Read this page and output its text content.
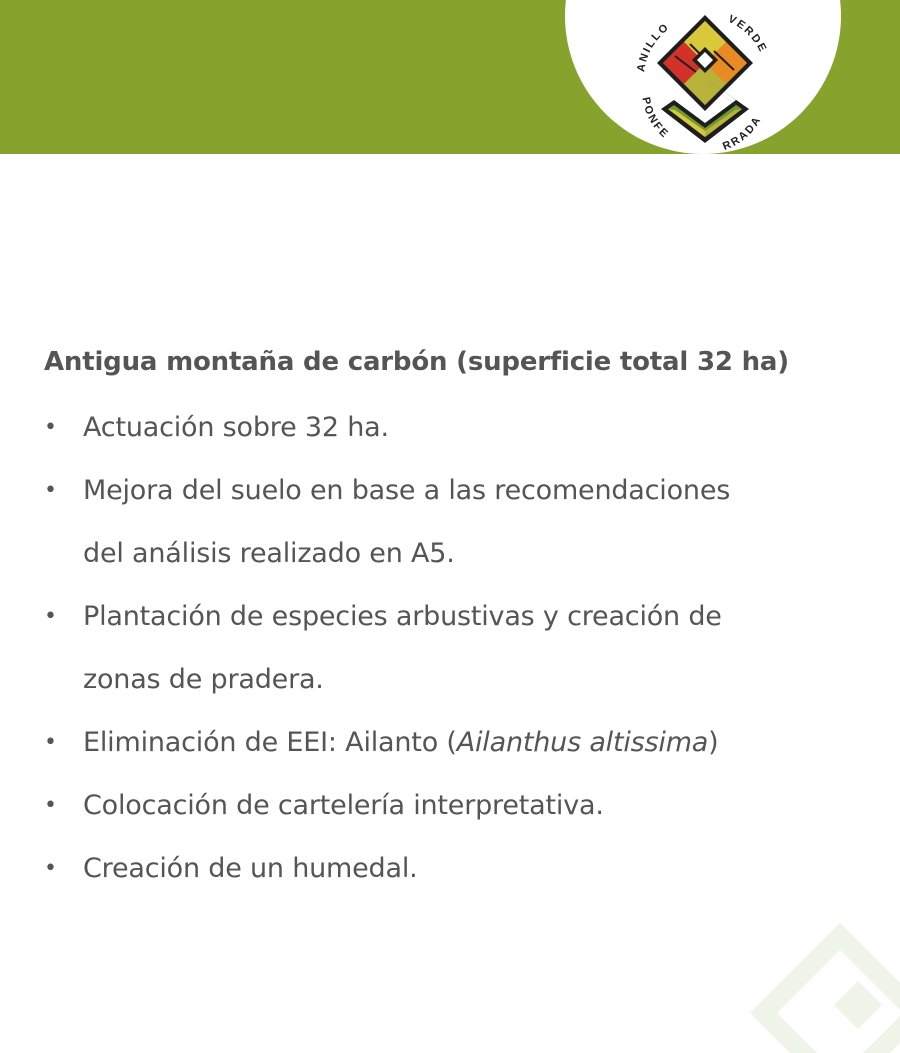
ANILLO
VERDE
PONFE
RRADA
Antigua montaña de carbón (superficie total 32 ha)
• Actuación sobre 32 ha.
• Mejora del suelo en base a las recomendaciones
del análisis realizado en A5.
• Plantación de especies arbustivas y creación de
zonas de pradera.
• Eliminación de EEI: Ailanto (Ailanthus altissima)
• Colocación de cartelería interpretativa.
• Creación de un humedal.
